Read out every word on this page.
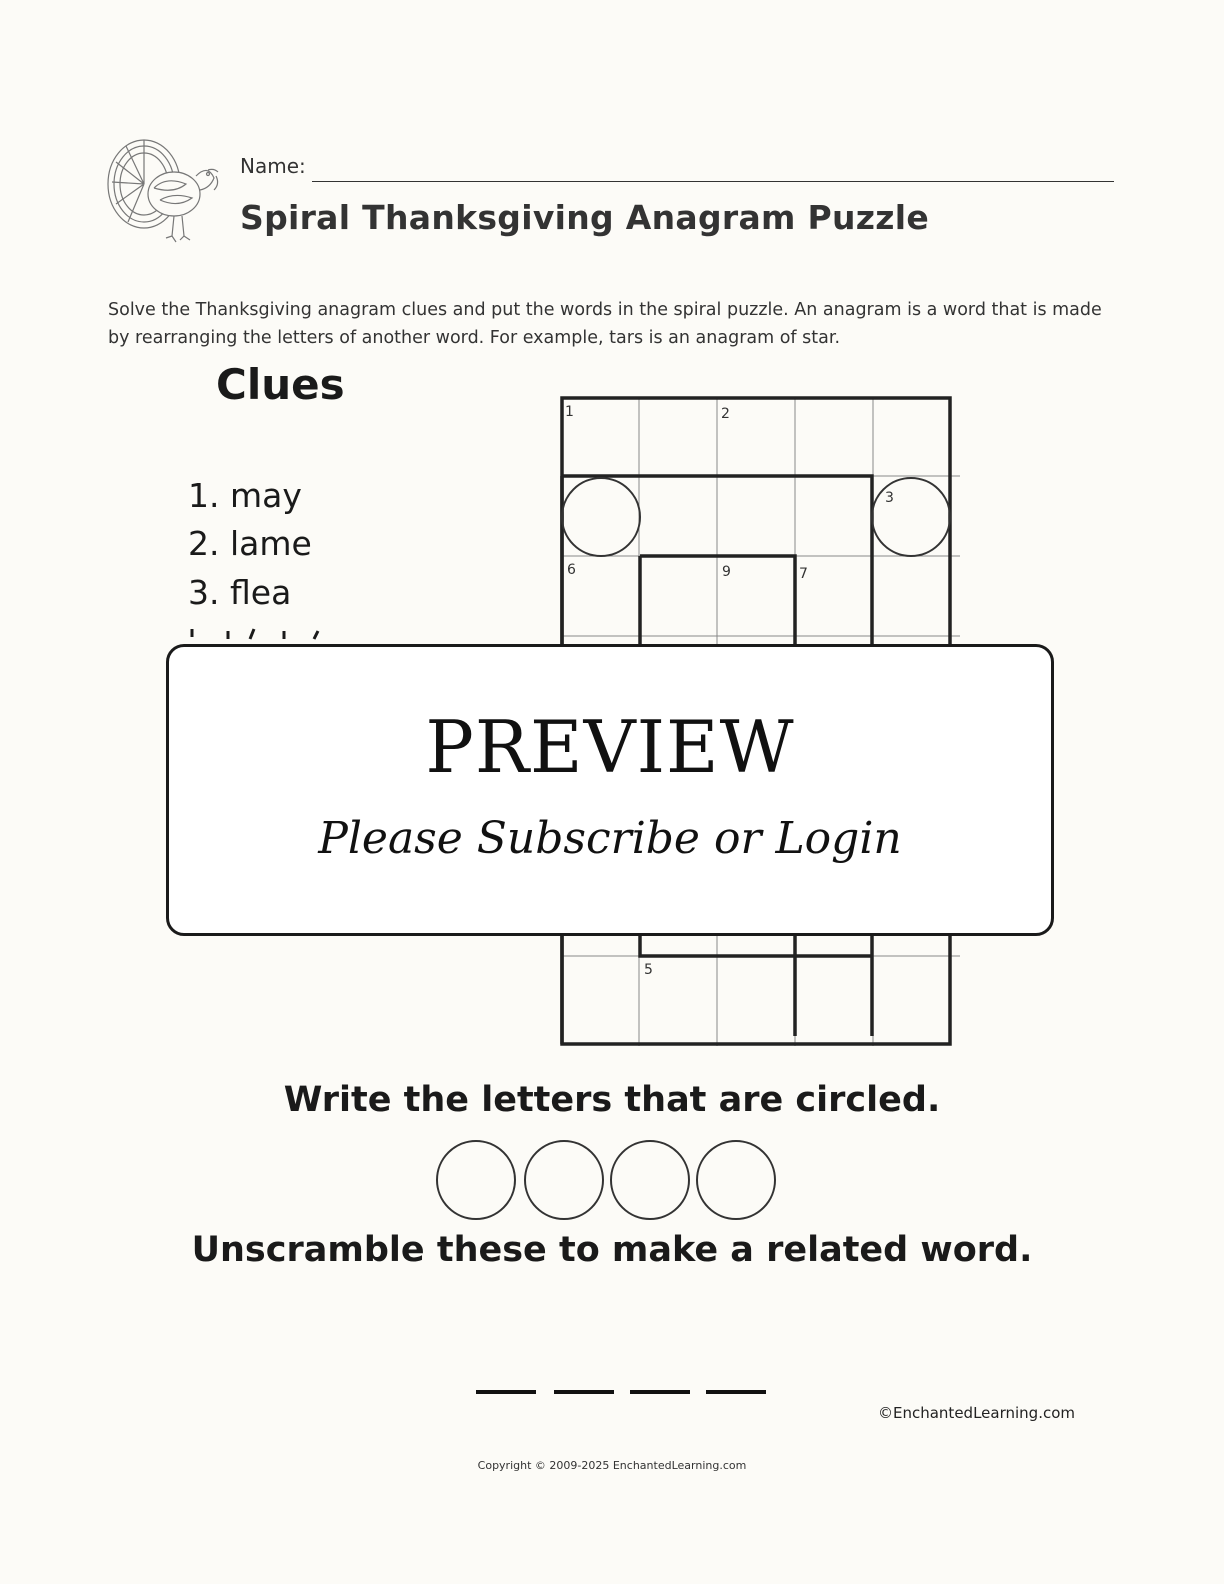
Name:
Spiral Thanksgiving Anagram Puzzle
Solve the Thanksgiving anagram clues and put the words in the spiral puzzle. An anagram is a word that is made by rearranging the letters of another word. For example, tars is an anagram of star.
Clues
1. may
2. lame
3. flea
1	2
3
6	9	7
5
PREVIEW
Please Subscribe or Login
Write the letters that are circled.
Unscramble these to make a related word.
©EnchantedLearning.com
Copyright © 2009-2025 EnchantedLearning.com
